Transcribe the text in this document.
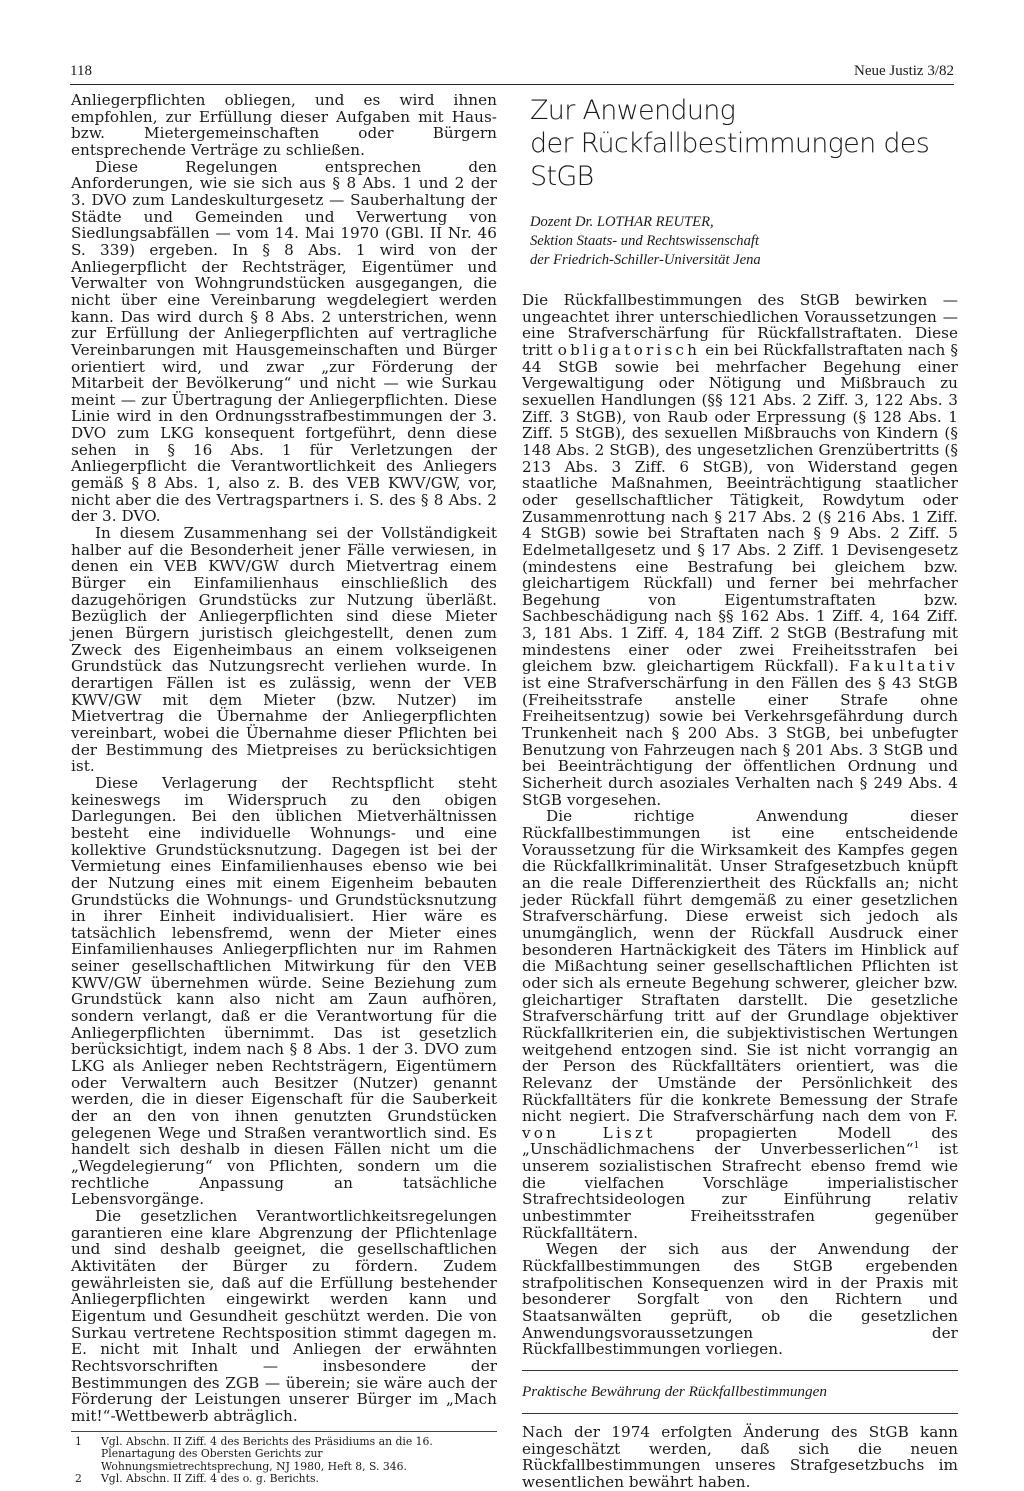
118	Neue Justiz 3/82

Anliegerpflichten obliegen, und es wird ihnen empfohlen, zur Erfüllung dieser Aufgaben mit Haus- bzw. Mietergemeinschaften oder Bürgern entsprechende Verträge zu schließen.

Diese Regelungen entsprechen den Anforderungen, wie sie sich aus § 8 Abs. 1 und 2 der 3. DVO zum Landeskulturgesetz — Sauberhaltung der Städte und Gemeinden und Verwertung von Siedlungsabfällen — vom 14. Mai 1970 (GBl. II Nr. 46 S. 339) ergeben. In § 8 Abs. 1 wird von der Anliegerpflicht der Rechtsträger, Eigentümer und Verwalter von Wohngrundstücken ausgegangen, die nicht über eine Vereinbarung wegdelegiert werden kann. Das wird durch § 8 Abs. 2 unterstrichen, wenn zur Erfüllung der Anliegerpflichten auf vertragliche Vereinbarungen mit Hausgemeinschaften und Bürger orientiert wird, und zwar „zur Förderung der Mitarbeit der Bevölkerung“ und nicht — wie Surkau meint — zur Übertragung der Anliegerpflichten. Diese Linie wird in den Ordnungsstrafbestimmungen der 3. DVO zum LKG konsequent fortgeführt, denn diese sehen in § 16 Abs. 1 für Verletzungen der Anliegerpflicht die Verantwortlichkeit des Anliegers gemäß § 8 Abs. 1, also z. B. des VEB KWV/GW, vor, nicht aber die des Vertragspartners i. S. des § 8 Abs. 2 der 3. DVO.

In diesem Zusammenhang sei der Vollständigkeit halber auf die Besonderheit jener Fälle verwiesen, in denen ein VEB KWV/GW durch Mietvertrag einem Bürger ein Einfamilienhaus einschließlich des dazugehörigen Grundstücks zur Nutzung überläßt. Bezüglich der Anliegerpflichten sind diese Mieter jenen Bürgern juristisch gleichgestellt, denen zum Zweck des Eigenheimbaus an einem volkseigenen Grundstück das Nutzungsrecht verliehen wurde. In derartigen Fällen ist es zulässig, wenn der VEB KWV/GW mit dem Mieter (bzw. Nutzer) im Mietvertrag die Übernahme der Anliegerpflichten vereinbart, wobei die Übernahme dieser Pflichten bei der Bestimmung des Mietpreises zu berücksichtigen ist.

Diese Verlagerung der Rechtspflicht steht keineswegs im Widerspruch zu den obigen Darlegungen. Bei den üblichen Mietverhältnissen besteht eine individuelle Wohnungs- und eine kollektive Grundstücksnutzung. Dagegen ist bei der Vermietung eines Einfamilienhauses ebenso wie bei der Nutzung eines mit einem Eigenheim bebauten Grundstücks die Wohnungs- und Grundstücksnutzung in ihrer Einheit individualisiert. Hier wäre es tatsächlich lebensfremd, wenn der Mieter eines Einfamilienhauses Anliegerpflichten nur im Rahmen seiner gesellschaftlichen Mitwirkung für den VEB KWV/GW übernehmen würde. Seine Beziehung zum Grundstück kann also nicht am Zaun aufhören, sondern verlangt, daß er die Verantwortung für die Anliegerpflichten übernimmt. Das ist gesetzlich berücksichtigt, indem nach § 8 Abs. 1 der 3. DVO zum LKG als Anlieger neben Rechtsträgern, Eigentümern oder Verwaltern auch Besitzer (Nutzer) genannt werden, die in dieser Eigenschaft für die Sauberkeit der an den von ihnen genutzten Grundstücken gelegenen Wege und Straßen verantwortlich sind. Es handelt sich deshalb in diesen Fällen nicht um die „Wegdelegierung“ von Pflichten, sondern um die rechtliche Anpassung an tatsächliche Lebensvorgänge.

Die gesetzlichen Verantwortlichkeitsregelungen garantieren eine klare Abgrenzung der Pflichtenlage und sind deshalb geeignet, die gesellschaftlichen Aktivitäten der Bürger zu fördern. Zudem gewährleisten sie, daß auf die Erfüllung bestehender Anliegerpflichten eingewirkt werden kann und Eigentum und Gesundheit geschützt werden. Die von Surkau vertretene Rechtsposition stimmt dagegen m. E. nicht mit Inhalt und Anliegen der erwähnten Rechtsvorschriften — insbesondere der Bestimmungen des ZGB — überein; sie wäre auch der Förderung der Leistungen unserer Bürger im „Mach mit!“-Wettbewerb abträglich.

1 Vgl. Abschn. II Ziff. 4 des Berichts des Präsidiums an die 16. Plenartagung des Obersten Gerichts zur Wohnungsmietrechtsprechung, NJ 1980, Heft 8, S. 346.
2 Vgl. Abschn. II Ziff. 4 des o. g. Berichts.
Zur Anwendung
der Rückfallbestimmungen des StGB
Dozent Dr. LOTHAR REUTER,
Sektion Staats- und Rechtswissenschaft
der Friedrich-Schiller-Universität Jena

Die Rückfallbestimmungen des StGB bewirken — ungeachtet ihrer unterschiedlichen Voraussetzungen — eine Strafverschärfung für Rückfallstraftaten. Diese tritt obligatorisch ein bei Rückfallstraftaten nach § 44 StGB sowie bei mehrfacher Begehung einer Vergewaltigung oder Nötigung und Mißbrauch zu sexuellen Handlungen (§§ 121 Abs. 2 Ziff. 3, 122 Abs. 3 Ziff. 3 StGB), von Raub oder Erpressung (§ 128 Abs. 1 Ziff. 5 StGB), des sexuellen Mißbrauchs von Kindern (§ 148 Abs. 2 StGB), des ungesetzlichen Grenzübertritts (§ 213 Abs. 3 Ziff. 6 StGB), von Widerstand gegen staatliche Maßnahmen, Beeinträchtigung staatlicher oder gesellschaftlicher Tätigkeit, Rowdytum oder Zusammenrottung nach § 217 Abs. 2 (§ 216 Abs. 1 Ziff. 4 StGB) sowie bei Straftaten nach § 9 Abs. 2 Ziff. 5 Edelmetallgesetz und § 17 Abs. 2 Ziff. 1 Devisengesetz (mindestens eine Bestrafung bei gleichem bzw. gleichartigem Rückfall) und ferner bei mehrfacher Begehung von Eigentumstraftaten bzw. Sachbeschädigung nach §§ 162 Abs. 1 Ziff. 4, 164 Ziff. 3, 181 Abs. 1 Ziff. 4, 184 Ziff. 2 StGB (Bestrafung mit mindestens einer oder zwei Freiheitsstrafen bei gleichem bzw. gleichartigem Rückfall). Fakultativ ist eine Strafverschärfung in den Fällen des § 43 StGB (Freiheitsstrafe anstelle einer Strafe ohne Freiheitsentzug) sowie bei Verkehrsgefährdung durch Trunkenheit nach § 200 Abs. 3 StGB, bei unbefugter Benutzung von Fahrzeugen nach § 201 Abs. 3 StGB und bei Beeinträchtigung der öffentlichen Ordnung und Sicherheit durch asoziales Verhalten nach § 249 Abs. 4 StGB vorgesehen.

Die richtige Anwendung dieser Rückfallbestimmungen ist eine entscheidende Voraussetzung für die Wirksamkeit des Kampfes gegen die Rückfallkriminalität. Unser Strafgesetzbuch knüpft an die reale Differenziertheit des Rückfalls an; nicht jeder Rückfall führt demgemäß zu einer gesetzlichen Strafverschärfung. Diese erweist sich jedoch als unumgänglich, wenn der Rückfall Ausdruck einer besonderen Hartnäckigkeit des Täters im Hinblick auf die Mißachtung seiner gesellschaftlichen Pflichten ist oder sich als erneute Begehung schwerer, gleicher bzw. gleichartiger Straftaten darstellt. Die gesetzliche Strafverschärfung tritt auf der Grundlage objektiver Rückfallkriterien ein, die subjektivistischen Wertungen weitgehend entzogen sind. Sie ist nicht vorrangig an der Person des Rückfalltäters orientiert, was die Relevanz der Umstände der Persönlichkeit des Rückfalltäters für die konkrete Bemessung der Strafe nicht negiert. Die Strafverschärfung nach dem von F. von Liszt propagierten Modell des „Unschädlichmachens der Unverbesserlichen“$^1$ ist unserem sozialistischen Strafrecht ebenso fremd wie die vielfachen Vorschläge imperialistischer Strafrechtsideologen zur Einführung relativ unbestimmter Freiheitsstrafen gegenüber Rückfalltätern.

Wegen der sich aus der Anwendung der Rückfallbestimmungen des StGB ergebenden strafpolitischen Konsequenzen wird in der Praxis mit besonderer Sorgfalt von den Richtern und Staatsanwälten geprüft, ob die gesetzlichen Anwendungsvoraussetzungen der Rückfallbestimmungen vorliegen.

Praktische Bewährung der Rückfallbestimmungen

Nach der 1974 erfolgten Änderung des StGB kann eingeschätzt werden, daß sich die neuen Rückfallbestimmungen unseres Strafgesetzbuchs im wesentlichen bewährt haben.
